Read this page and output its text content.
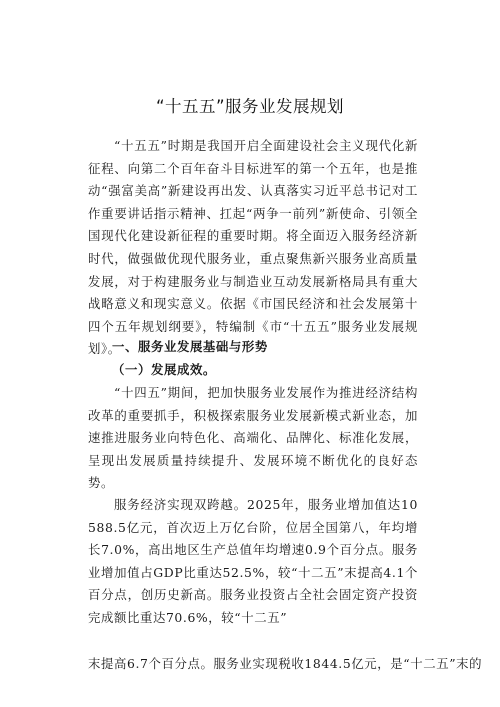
“十五五”服务业发展规划
“十五五”时期是我国开启全面建设社会主义现代化新征程、向第二个百年奋斗目标进军的第一个五年，也是推动“强富美高”新建设再出发、认真落实习近平总书记对工作重要讲话指示精神、扛起“两争一前列”新使命、引领全国现代化建设新征程的重要时期。将全面迈入服务经济新时代，做强做优现代服务业，重点聚焦新兴服务业高质量发展，对于构建服务业与制造业互动发展新格局具有重大战略意义和现实意义。依据《市国民经济和社会发展第十四个五年规划纲要》，特编制《市“十五五”服务业发展规划》。
一、服务业发展基础与形势
（一）发展成效。
“十四五”期间，把加快服务业发展作为推进经济结构改革的重要抓手，积极探索服务业发展新模式新业态，加速推进服务业向特色化、高端化、品牌化、标准化发展，呈现出发展质量持续提升、发展环境不断优化的良好态势。
服务经济实现双跨越。2025年，服务业增加值达10588.5亿元，首次迈上万亿台阶，位居全国第八，年均增长7.0%，高出地区生产总值年均增速0.9个百分点。服务业增加值占GDP比重达52.5%，较“十二五”末提高4.1个百分点，创历史新高。服务业投资占全社会固定资产投资完成额比重达70.6%，较“十二五”
末提高6.7个百分点。服务业实现税收1844.5亿元，是“十二五”末的
